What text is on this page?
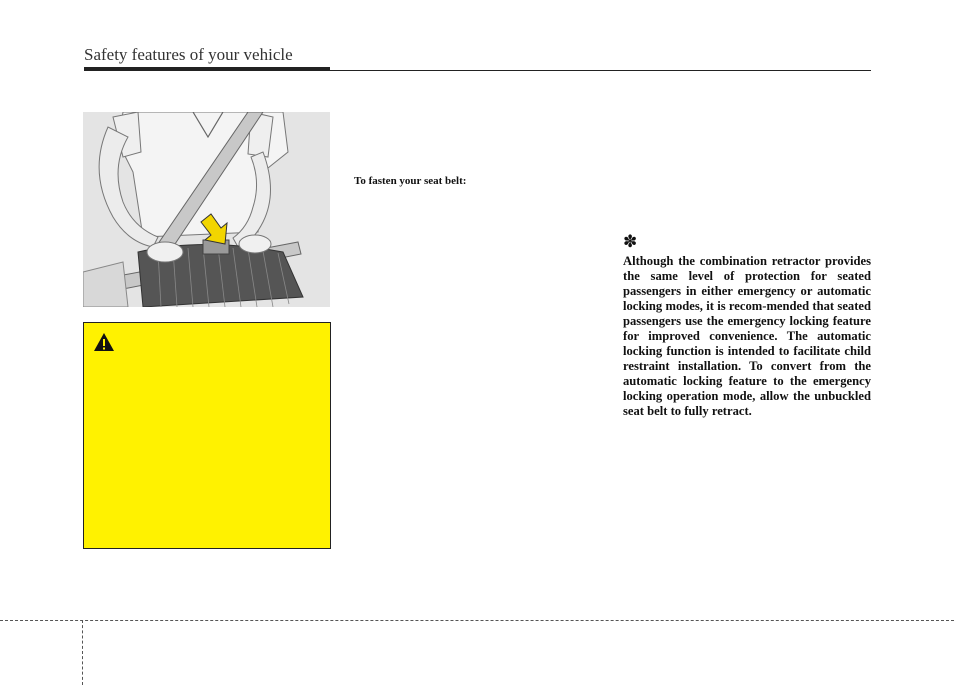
Safety features of your vehicle
To fasten your seat belt:
✽
Although the combination retractor provides the same level of protection for seated passengers in either emergency or automatic locking modes, it is recom-mended that seated passengers use the emergency locking feature for improved convenience. The automatic locking function is intended to facilitate child restraint installation. To convert from the automatic locking feature to the emergency locking operation mode, allow the unbuckled seat belt to fully retract.
